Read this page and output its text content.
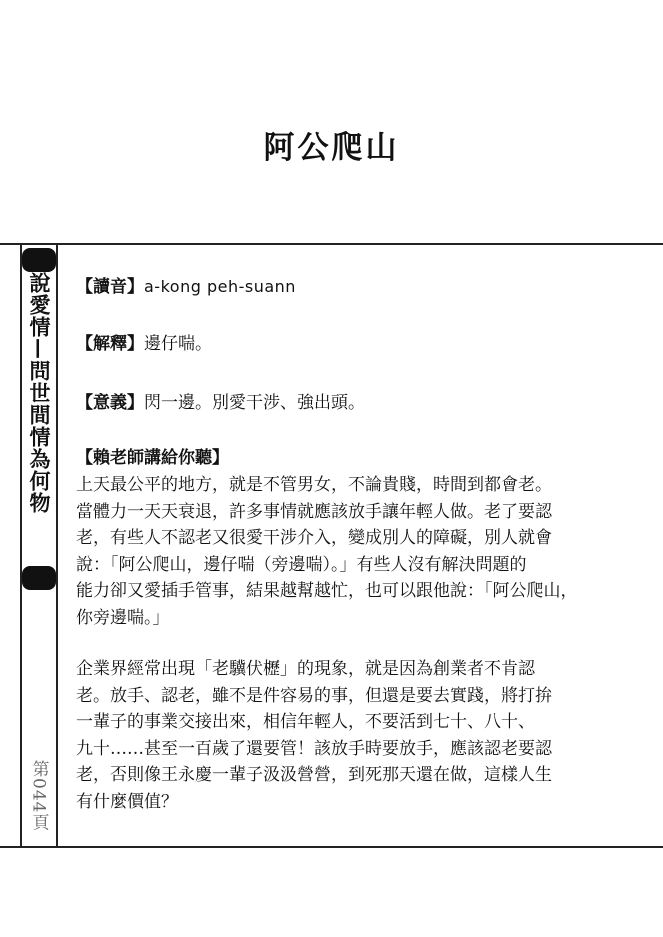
阿公爬山
說愛情—問世間情為何物
第044頁
【讀音】a-kong peh-suann
【解釋】邊仔喘。
【意義】閃一邊。別愛干涉、強出頭。
【賴老師講給你聽】
上天最公平的地方，就是不管男女，不論貴賤，時間到都會老。
當體力一天天衰退，許多事情就應該放手讓年輕人做。老了要認
老，有些人不認老又很愛干涉介入，變成別人的障礙，別人就會
說：「阿公爬山，邊仔喘（旁邊喘）。」有些人沒有解決問題的
能力卻又愛插手管事，結果越幫越忙，也可以跟他說：「阿公爬山，
你旁邊喘。」
企業界經常出現「老驥伏櫪」的現象，就是因為創業者不肯認
老。放手、認老，雖不是件容易的事，但還是要去實踐，將打拚
一輩子的事業交接出來，相信年輕人，不要活到七十、八十、
九十……甚至一百歲了還要管！該放手時要放手，應該認老要認
老，否則像王永慶一輩子汲汲營營，到死那天還在做，這樣人生
有什麼價值？
